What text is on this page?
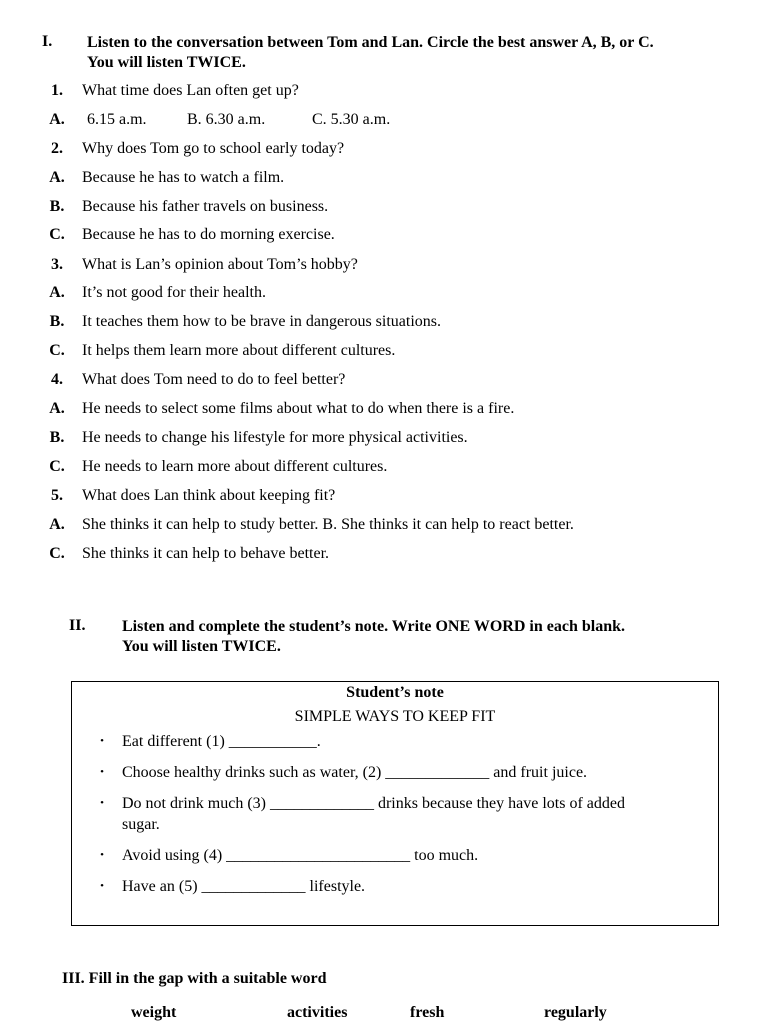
I. Listen to the conversation between Tom and Lan. Circle the best answer A, B, or C.
You will listen TWICE.
1.	What time does Lan often get up?
A.	6.15 a.m.	B. 6.30 a.m.	C. 5.30 a.m.
2.	Why does Tom go to school early today?
A.	Because he has to watch a film.
B.	Because his father travels on business.
C.	Because he has to do morning exercise.
3.	What is Lan’s opinion about Tom’s hobby?
A.	It’s not good for their health.
B.	It teaches them how to be brave in dangerous situations.
C.	It helps them learn more about different cultures.
4.	What does Tom need to do to feel better?
A.	He needs to select some films about what to do when there is a fire.
B.	He needs to change his lifestyle for more physical activities.
C.	He needs to learn more about different cultures.
5.	What does Lan think about keeping fit?
A.	She thinks it can help to study better. B. She thinks it can help to react better.
C.	She thinks it can help to behave better.
II. Listen and complete the student’s note. Write ONE WORD in each blank.
You will listen TWICE.
Student’s note
SIMPLE WAYS TO KEEP FIT
• Eat different (1) ___________.
• Choose healthy drinks such as water, (2) _____________ and fruit juice.
• Do not drink much (3) _____________ drinks because they have lots of added
sugar.
• Avoid using (4) _______________________ too much.
• Have an (5) _____________ lifestyle.
III. Fill in the gap with a suitable word
weight	activities	fresh	regularly
